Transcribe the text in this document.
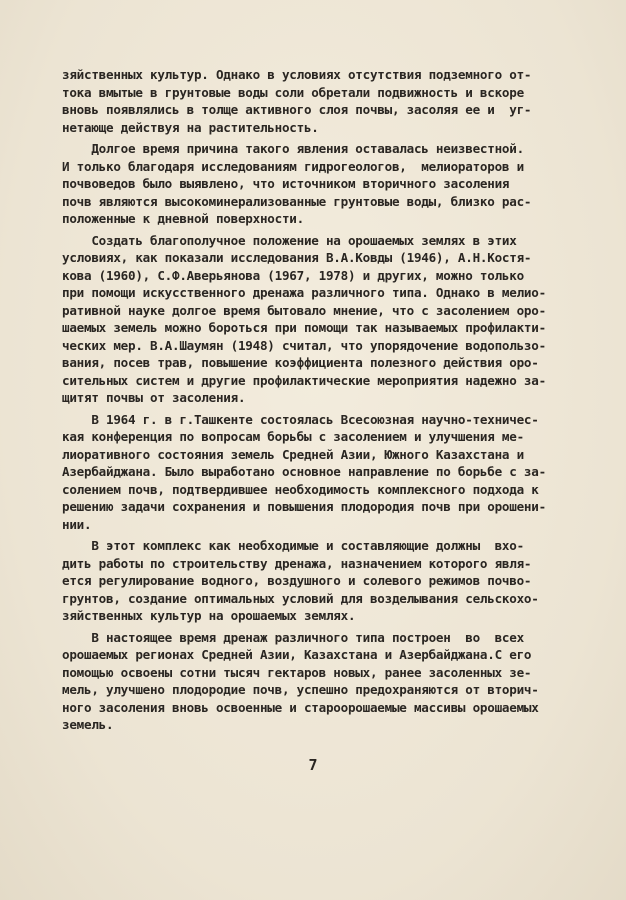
зяйственных культур. Однако в условиях отсутствия подземного от-
тока вмытые в грунтовые воды соли обретали подвижность и вскоре
вновь появлялись в толще активного слоя почвы, засоляя ее и  уг-
нетающе действуя на растительность.
Долгое время причина такого явления оставалась неизвестной.
И только благодаря исследованиям гидрогеологов,  мелиораторов и
почвоведов было выявлено, что источником вторичного засоления
почв являются высокоминерализованные грунтовые воды, близко рас-
положенные к дневной поверхности.
Создать благополучное положение на орошаемых землях в этих
условиях, как показали исследования В.А.Ковды (1946), А.Н.Костя-
кова (1960), С.Ф.Аверьянова (1967, 1978) и других, можно только
при помощи искусственного дренажа различного типа. Однако в мелио-
ративной науке долгое время бытовало мнение, что с засолением оро-
шаемых земель можно бороться при помощи так называемых профилакти-
ческих мер. В.А.Шаумян (1948) считал, что упорядочение водопользо-
вания, посев трав, повышение коэффициента полезного действия оро-
сительных систем и другие профилактические мероприятия надежно за-
щитят почвы от засоления.
В 1964 г. в г.Ташкенте состоялась Всесоюзная научно-техничес-
кая конференция по вопросам борьбы с засолением и улучшения ме-
лиоративного состояния земель Средней Азии, Южного Казахстана и
Азербайджана. Было выработано основное направление по борьбе с за-
солением почв, подтвердившее необходимость комплексного подхода к
решению задачи сохранения и повышения плодородия почв при орошени-
нии.
В этот комплекс как необходимые и составляющие должны  вхо-
дить работы по строительству дренажа, назначением которого явля-
ется регулирование водного, воздушного и солевого режимов почво-
грунтов, создание оптимальных условий для возделывания сельскохо-
зяйственных культур на орошаемых землях.
В настоящее время дренаж различного типа построен  во  всех
орошаемых регионах Средней Азии, Казахстана и Азербайджана.С его
помощью освоены сотни тысяч гектаров новых, ранее засоленных зе-
мель, улучшено плодородие почв, успешно предохраняются от вторич-
ного засоления вновь освоенные и староорошаемые массивы орошаемых
земель.
7
